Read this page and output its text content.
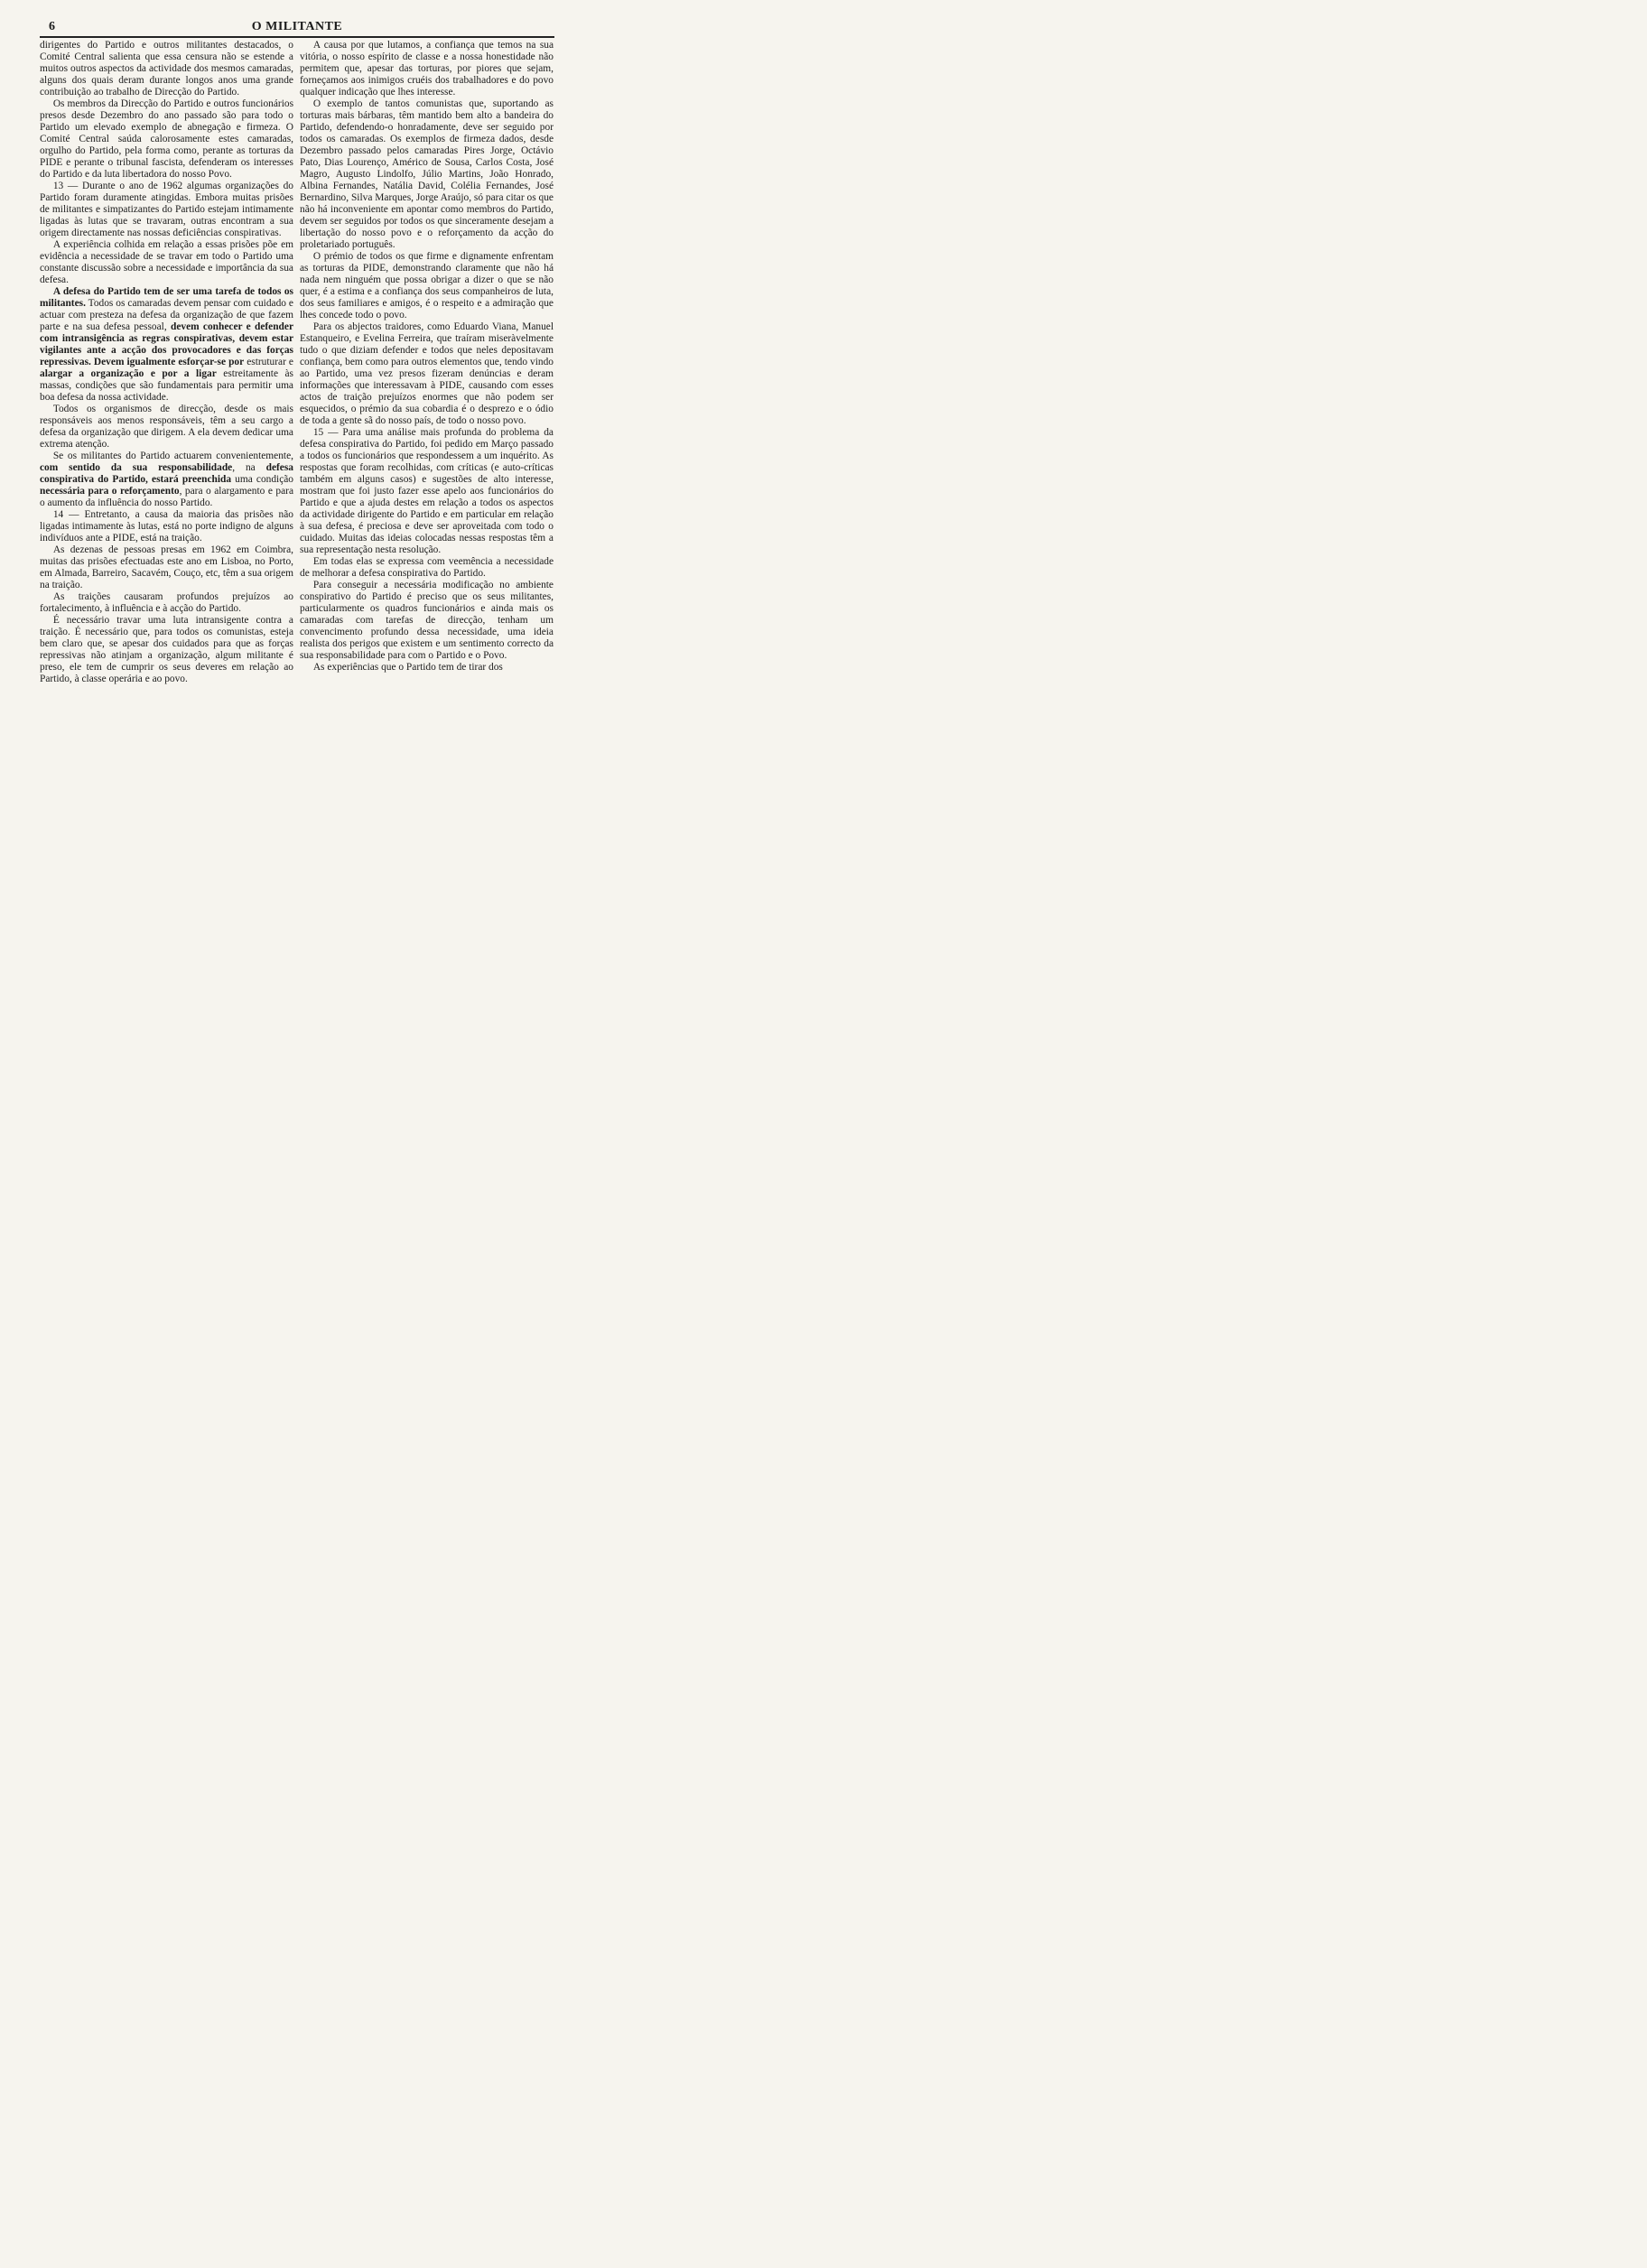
6	O MILITANTE

dirigentes do Partido e outros militantes destacados, o Comité Central salienta que essa censura não se estende a muitos outros aspectos da actividade dos mesmos camaradas, alguns dos quais deram durante longos anos uma grande contribuição ao trabalho de Direcção do Partido.

Os membros da Direcção do Partido e outros funcionários presos desde Dezembro do ano passado são para todo o Partido um elevado exemplo de abnegação e firmeza. O Comité Central saúda calorosamente estes camaradas, orgulho do Partido, pela forma como, perante as torturas da PIDE e perante o tribunal fascista, defenderam os interesses do Partido e da luta libertadora do nosso Povo.

13 — Durante o ano de 1962 algumas organizações do Partido foram duramente atingidas. Embora muitas prisões de militantes e simpatizantes do Partido estejam intimamente ligadas às lutas que se travaram, outras encontram a sua origem directamente nas nossas deficiências conspirativas.

A experiência colhida em relação a essas prisões põe em evidência a necessidade de se travar em todo o Partido uma constante discussão sobre a necessidade e importância da sua defesa.

A defesa do Partido tem de ser uma tarefa de todos os militantes. Todos os camaradas devem pensar com cuidado e actuar com presteza na defesa da organização de que fazem parte e na sua defesa pessoal, devem conhecer e defender com intransigência as regras conspirativas, devem estar vigilantes ante a acção dos provocadores e das forças repressivas. Devem igualmente esforçar-se por estruturar e alargar a organização e por a ligar estreitamente às massas, condições que são fundamentais para permitir uma boa defesa da nossa actividade.

Todos os organismos de direcção, desde os mais responsáveis aos menos responsáveis, têm a seu cargo a defesa da organização que dirigem. A ela devem dedicar uma extrema atenção.

Se os militantes do Partido actuarem convenientemente, com sentido da sua responsabilidade, na defesa conspirativa do Partido, estará preenchida uma condição necessária para o reforçamento, para o alargamento e para o aumento da influência do nosso Partido.

14 — Entretanto, a causa da maioria das prisões não ligadas intimamente às lutas, está no porte indigno de alguns indivíduos ante a PIDE, está na traição.

As dezenas de pessoas presas em 1962 em Coimbra, muitas das prisões efectuadas este ano em Lisboa, no Porto, em Almada, Barreiro, Sacavém, Couço, etc, têm a sua origem na traição.

As traições causaram profundos prejuízos ao fortalecimento, à influência e à acção do Partido.

É necessário travar uma luta intransigente contra a traição. É necessário que, para todos os comunistas, esteja bem claro que, se apesar dos cuidados para que as forças repressivas não atinjam a organização, algum militante é preso, ele tem de cumprir os seus deveres em relação ao Partido, à classe operária e ao povo.

A causa por que lutamos, a confiança que temos na sua vitória, o nosso espírito de classe e a nossa honestidade não permitem que, apesar das torturas, por piores que sejam, forneçamos aos inimigos cruéis dos trabalhadores e do povo qualquer indicação que lhes interesse.

O exemplo de tantos comunistas que, suportando as torturas mais bárbaras, têm mantido bem alto a bandeira do Partido, defendendo-o honradamente, deve ser seguido por todos os camaradas. Os exemplos de firmeza dados, desde Dezembro passado pelos camaradas Pires Jorge, Octávio Pato, Dias Lourenço, Américo de Sousa, Carlos Costa, José Magro, Augusto Lindolfo, Júlio Martins, João Honrado, Albina Fernandes, Natália David, Colélia Fernandes, José Bernardino, Silva Marques, Jorge Araújo, só para citar os que não há inconveniente em apontar como membros do Partido, devem ser seguidos por todos os que sinceramente desejam a libertação do nosso povo e o reforçamento da acção do proletariado português.

O prémio de todos os que firme e dignamente enfrentam as torturas da PIDE, demonstrando claramente que não há nada nem ninguém que possa obrigar a dizer o que se não quer, é a estima e a confiança dos seus companheiros de luta, dos seus familiares e amigos, é o respeito e a admiração que lhes concede todo o povo.

Para os abjectos traidores, como Eduardo Viana, Manuel Estanqueiro, e Evelina Ferreira, que traíram miseràvelmente tudo o que diziam defender e todos que neles depositavam confiança, bem como para outros elementos que, tendo vindo ao Partido, uma vez presos fizeram denúncias e deram informações que interessavam à PIDE, causando com esses actos de traição prejuízos enormes que não podem ser esquecidos, o prémio da sua cobardia é o desprezo e o ódio de toda a gente sã do nosso país, de todo o nosso povo.

15 — Para uma análise mais profunda do problema da defesa conspirativa do Partido, foi pedido em Março passado a todos os funcionários que respondessem a um inquérito. As respostas que foram recolhidas, com críticas (e auto-críticas também em alguns casos) e sugestões de alto interesse, mostram que foi justo fazer esse apelo aos funcionários do Partido e que a ajuda destes em relação a todos os aspectos da actividade dirigente do Partido e em particular em relação à sua defesa, é preciosa e deve ser aproveitada com todo o cuidado. Muitas das ideias colocadas nessas respostas têm a sua representação nesta resolução.

Em todas elas se expressa com veemência a necessidade de melhorar a defesa conspirativa do Partido.

Para conseguir a necessária modificação no ambiente conspirativo do Partido é preciso que os seus militantes, particularmente os quadros funcionários e ainda mais os camaradas com tarefas de direcção, tenham um convencimento profundo dessa necessidade, uma ideia realista dos perigos que existem e um sentimento correcto da sua responsabilidade para com o Partido e o Povo.

As experiências que o Partido tem de tirar dos
